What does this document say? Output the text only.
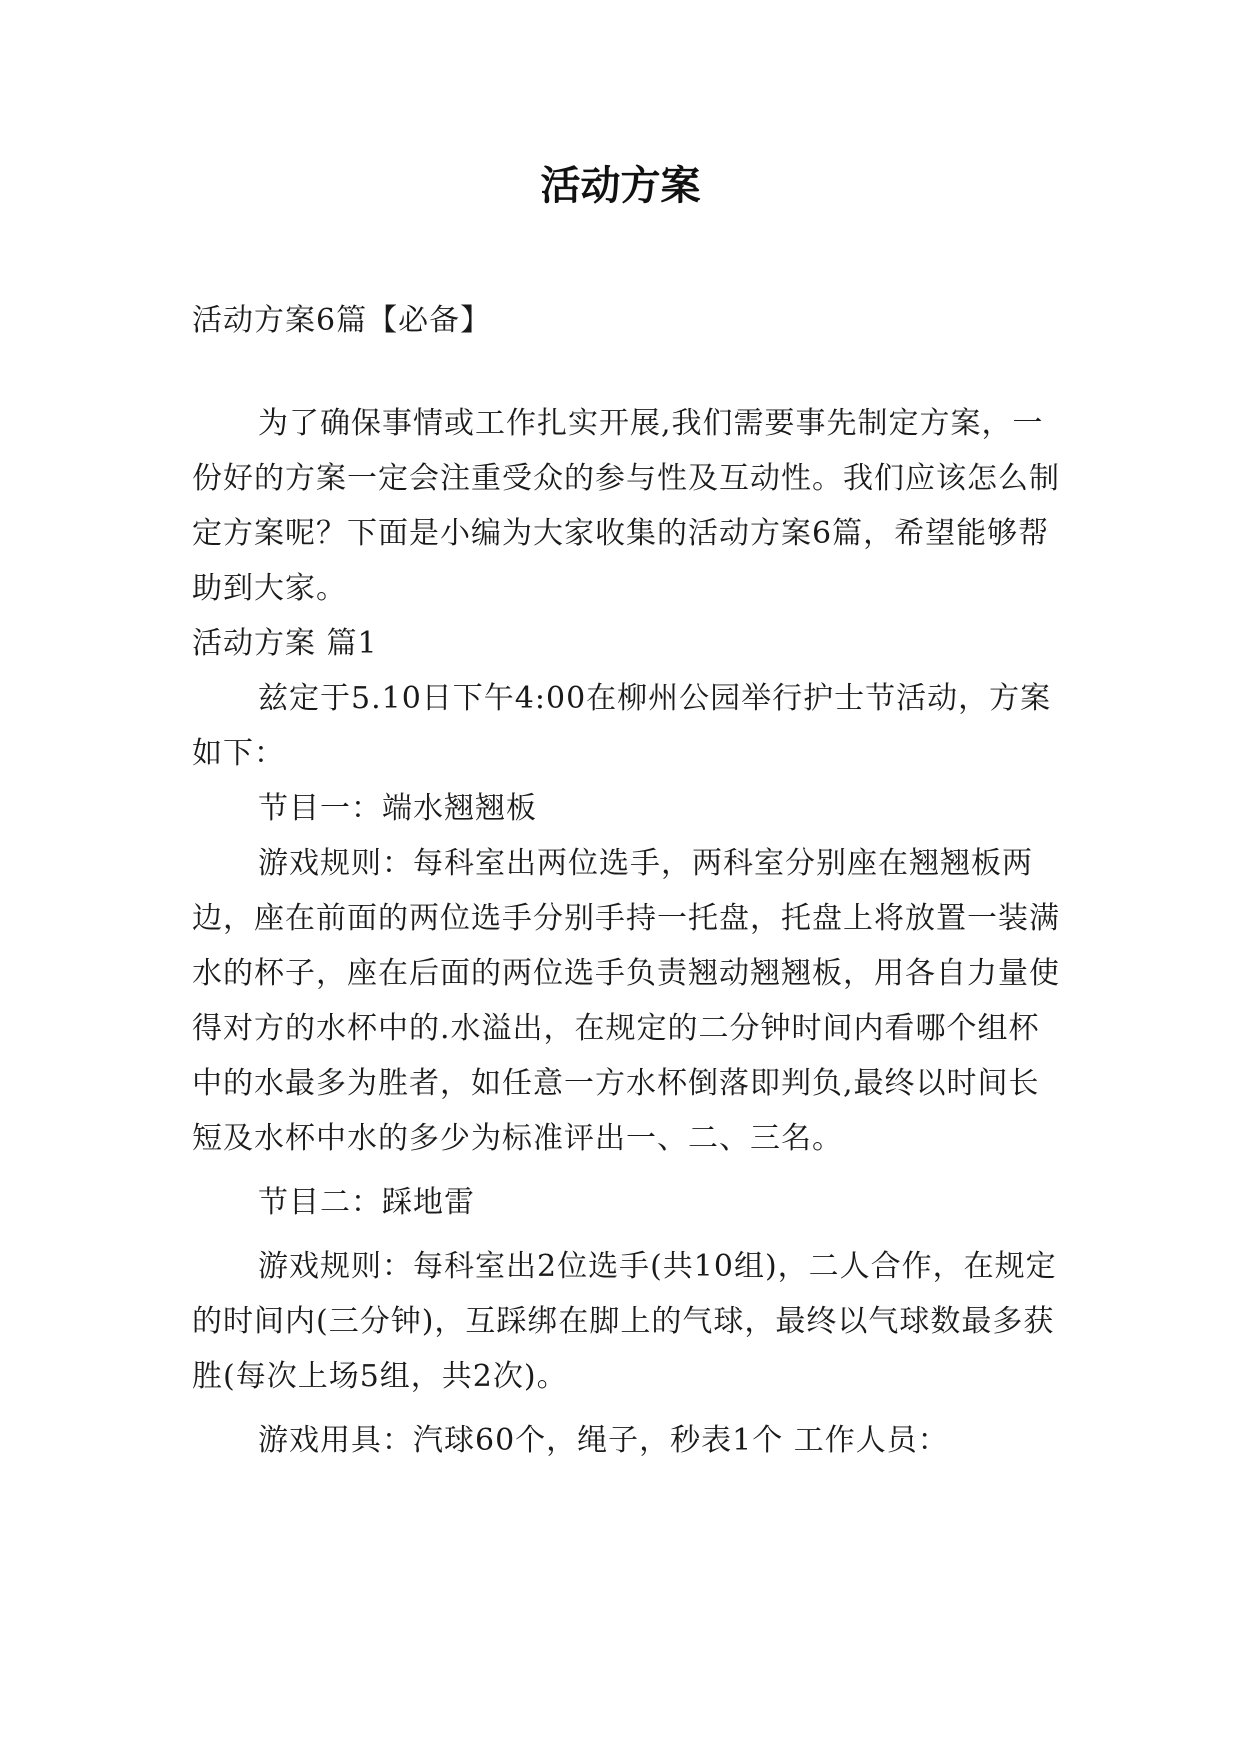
活动方案

活动方案6篇【必备】

为了确保事情或工作扎实开展,我们需要事先制定方案，一份好的方案一定会注重受众的参与性及互动性。我们应该怎么制定方案呢？下面是小编为大家收集的活动方案6篇，希望能够帮助到大家。

活动方案 篇1

兹定于5.10日下午4:00在柳州公园举行护士节活动，方案如下：

节目一：端水翘翘板

游戏规则：每科室出两位选手，两科室分别座在翘翘板两边，座在前面的两位选手分别手持一托盘，托盘上将放置一装满水的杯子，座在后面的两位选手负责翘动翘翘板，用各自力量使得对方的水杯中的.水溢出，在规定的二分钟时间内看哪个组杯中的水最多为胜者，如任意一方水杯倒落即判负,最终以时间长短及水杯中水的多少为标准评出一、二、三名。

节目二：踩地雷

游戏规则：每科室出2位选手(共10组)，二人合作，在规定的时间内(三分钟)，互踩绑在脚上的气球，最终以气球数最多获胜(每次上场5组，共2次)。

游戏用具：汽球60个，绳子，秒表1个 工作人员：
